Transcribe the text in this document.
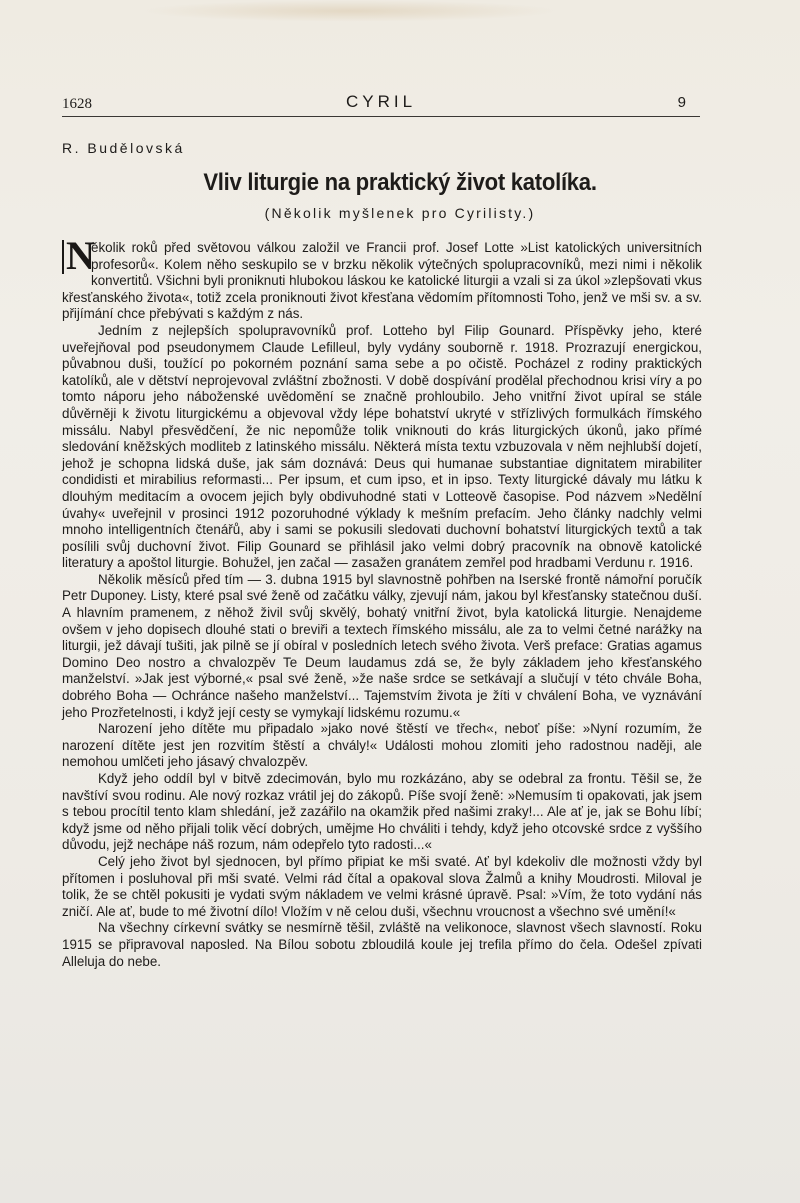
1628	CYRIL	9
R. Budělovská
Vliv liturgie na praktický život katolíka.
(Několik myšlenek pro Cyrilisty.)

N
ěkolik roků před světovou válkou založil ve Francii prof. Josef Lotte »List katolických universitních profesorů«. Kolem něho seskupilo se v brzku několik výtečných spolupracovníků, mezi nimi i několik konvertitů. Všichni byli proniknuti hlubokou láskou ke katolické liturgii a vzali si za úkol »zlepšovati vkus křesťanského života«, totiž zcela proniknouti život křesťana vědomím přítomnosti Toho, jenž ve mši sv. a sv. přijímání chce přebývati s každým z nás.

Jedním z nejlepších spolupravovníků prof. Lotteho byl Filip Gounard. Příspěvky jeho, které uveřejňoval pod pseudonymem Claude Lefilleul, byly vydány souborně r. 1918. Prozrazují energickou, půvabnou duši, toužící po pokorném poznání sama sebe a po očistě. Pocházel z rodiny praktických katolíků, ale v dětství neprojevoval zvláštní zbožnosti. V době dospívání prodělal přechodnou krisi víry a po tomto náporu jeho náboženské uvědomění se značně prohloubilo. Jeho vnitřní život upíral se stále důvěrněji k životu liturgickému a objevoval vždy lépe bohatství ukryté v střízlivých formulkách římského missálu. Nabyl přesvědčení, že nic nepomůže tolik vniknouti do krás liturgických úkonů, jako přímé sledování kněžských modliteb z latinského missálu. Některá místa textu vzbuzovala v něm nejhlubší dojetí, jehož je schopna lidská duše, jak sám doznává: Deus qui humanae substantiae dignitatem mirabiliter condidisti et mirabilius reformasti... Per ipsum, et cum ipso, et in ipso. Texty liturgické dávaly mu látku k dlouhým meditacím a ovocem jejich byly obdivuhodné stati v Lotteově časopise. Pod názvem »Nedělní úvahy« uveřejnil v prosinci 1912 pozoruhodné výklady k mešním prefacím. Jeho články nadchly velmi mnoho intelligentních čtenářů, aby i sami se pokusili sledovati duchovní bohatství liturgických textů a tak posílili svůj duchovní život. Filip Gounard se přihlásil jako velmi dobrý pracovník na obnově katolické literatury a apoštol liturgie. Bohužel, jen začal — zasažen granátem zemřel pod hradbami Verdunu r. 1916.

Několik měsíců před tím — 3. dubna 1915 byl slavnostně pohřben na Iserské frontě námořní poručík Petr Duponey. Listy, které psal své ženě od začátku války, zjevují nám, jakou byl křesťansky statečnou duší. A hlavním pramenem, z něhož živil svůj skvělý, bohatý vnitřní život, byla katolická liturgie. Nenajdeme ovšem v jeho dopisech dlouhé stati o breviři a textech římského missálu, ale za to velmi četné narážky na liturgii, jež dávají tušiti, jak pilně se jí obíral v posledních letech svého života. Verš preface: Gratias agamus Domino Deo nostro a chvalozpěv Te Deum laudamus zdá se, že byly základem jeho křesťanského manželství. »Jak jest výborné,« psal své ženě, »že naše srdce se setkávají a slučují v této chvále Boha, dobrého Boha — Ochránce našeho manželství... Tajemstvím života je žíti v chválení Boha, ve vyznávání jeho Prozřetelnosti, i když její cesty se vymykají lidskému rozumu.«

Narození jeho dítěte mu připadalo »jako nové štěstí ve třech«, neboť píše: »Nyní rozumím, že narození dítěte jest jen rozvitím štěstí a chvály!« Události mohou zlomiti jeho radostnou naději, ale nemohou umlčeti jeho jásavý chvalozpěv.

Když jeho oddíl byl v bitvě zdecimován, bylo mu rozkázáno, aby se odebral za frontu. Těšil se, že navštíví svou rodinu. Ale nový rozkaz vrátil jej do zákopů. Píše svojí ženě: »Nemusím ti opakovati, jak jsem s tebou procítil tento klam shledání, jež zazářilo na okamžik před našimi zraky!... Ale ať je, jak se Bohu líbí; když jsme od něho přijali tolik věcí dobrých, umějme Ho chváliti i tehdy, když jeho otcovské srdce z vyššího důvodu, jejž nechápe náš rozum, nám odepřelo tyto radosti...«

Celý jeho život byl sjednocen, byl přímo připiat ke mši svaté. Ať byl kdekoliv dle možnosti vždy byl přítomen i posluhoval při mši svaté. Velmi rád čítal a opakoval slova Žalmů a knihy Moudrosti. Miloval je tolik, že se chtěl pokusiti je vydati svým nákladem ve velmi krásné úpravě. Psal: »Vím, že toto vydání nás zničí. Ale ať, bude to mé životní dílo! Vložím v ně celou duši, všechnu vroucnost a všechno své umění!«

Na všechny církevní svátky se nesmírně těšil, zvláště na velikonoce, slavnost všech slavností. Roku 1915 se připravoval naposled. Na Bílou sobotu zbloudilá koule jej trefila přímo do čela. Odešel zpívati Alleluja do nebe.
